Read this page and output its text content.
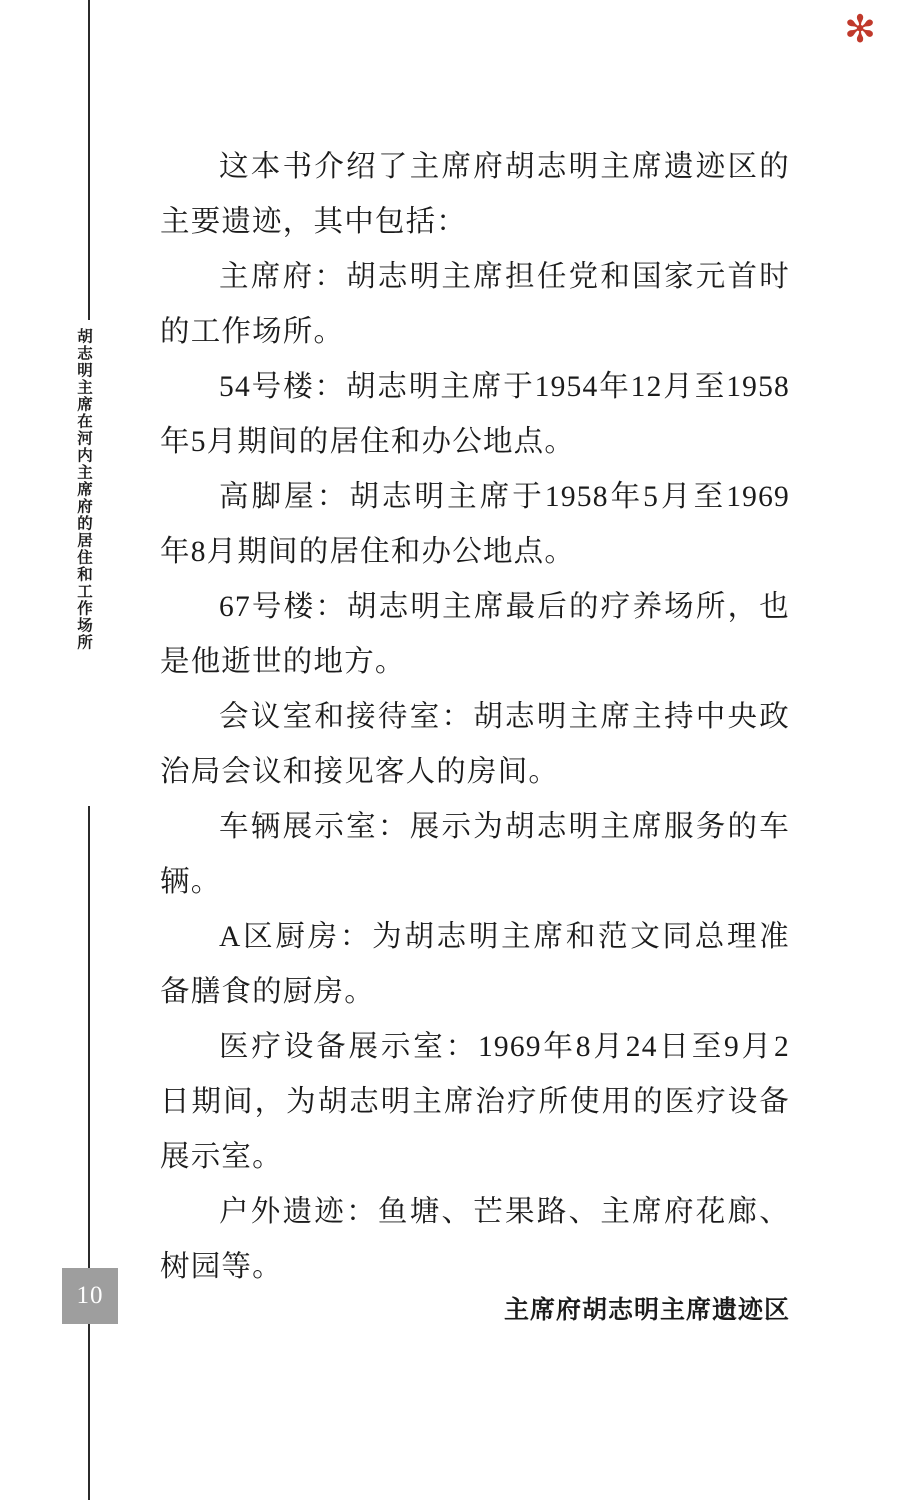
✻
胡志明主席在河内主席府的居住和工作场所
10

这本书介绍了主席府胡志明主席遗迹区的主要遗迹，其中包括：

主席府：胡志明主席担任党和国家元首时的工作场所。

54号楼：胡志明主席于1954年12月至1958年5月期间的居住和办公地点。

高脚屋：胡志明主席于1958年5月至1969年8月期间的居住和办公地点。

67号楼：胡志明主席最后的疗养场所，也是他逝世的地方。

会议室和接待室：胡志明主席主持中央政治局会议和接见客人的房间。

车辆展示室：展示为胡志明主席服务的车辆。

A区厨房：为胡志明主席和范文同总理准备膳食的厨房。

医疗设备展示室：1969年8月24日至9月2日期间，为胡志明主席治疗所使用的医疗设备展示室。

户外遗迹：鱼塘、芒果路、主席府花廊、树园等。

主席府胡志明主席遗迹区
